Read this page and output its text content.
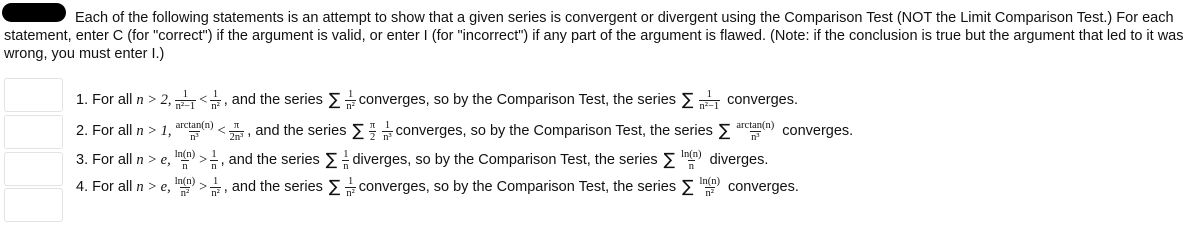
Each of the following statements is an attempt to show that a given series is convergent or divergent using the Comparison Test (NOT the Limit Comparison Test.) For each statement, enter C (for "correct") if the argument is valid, or enter I (for "incorrect") if any part of the argument is flawed. (Note: if the conclusion is true but the argument that led to it was wrong, you must enter I.)
1. For all n > 2, $\frac{1}{\text{n²−1}} < \frac{1}{\text{n²}}$ , and the series ∑ $\frac{1}{\text{n²}}$ converges, so by the Comparison Test, the series ∑ $\frac{1}{\text{n²−1}}$ converges.
2. For all n > 1, $\frac{\arctan(n)}{\text{n³}} < \frac{\pi}{\text{2n³}}$ , and the series ∑ $\frac{\pi}{2} \frac{1}{\text{n³}}$ converges, so by the Comparison Test, the series ∑ $\frac{\arctan(n)}{\text{n³}}$ converges.
3. For all n > e, $\frac{\ln(n)}{n} > \frac{1}{n}$ , and the series ∑ $\frac{1}{n}$ diverges, so by the Comparison Test, the series ∑ $\frac{\ln(n)}{n}$ diverges.
4. For all n > e, $\frac{\ln(n)}{\text{n²}} > \frac{1}{\text{n²}}$ , and the series ∑ $\frac{1}{\text{n²}}$ converges, so by the Comparison Test, the series ∑ $\frac{\ln(n)}{\text{n²}}$ converges.
